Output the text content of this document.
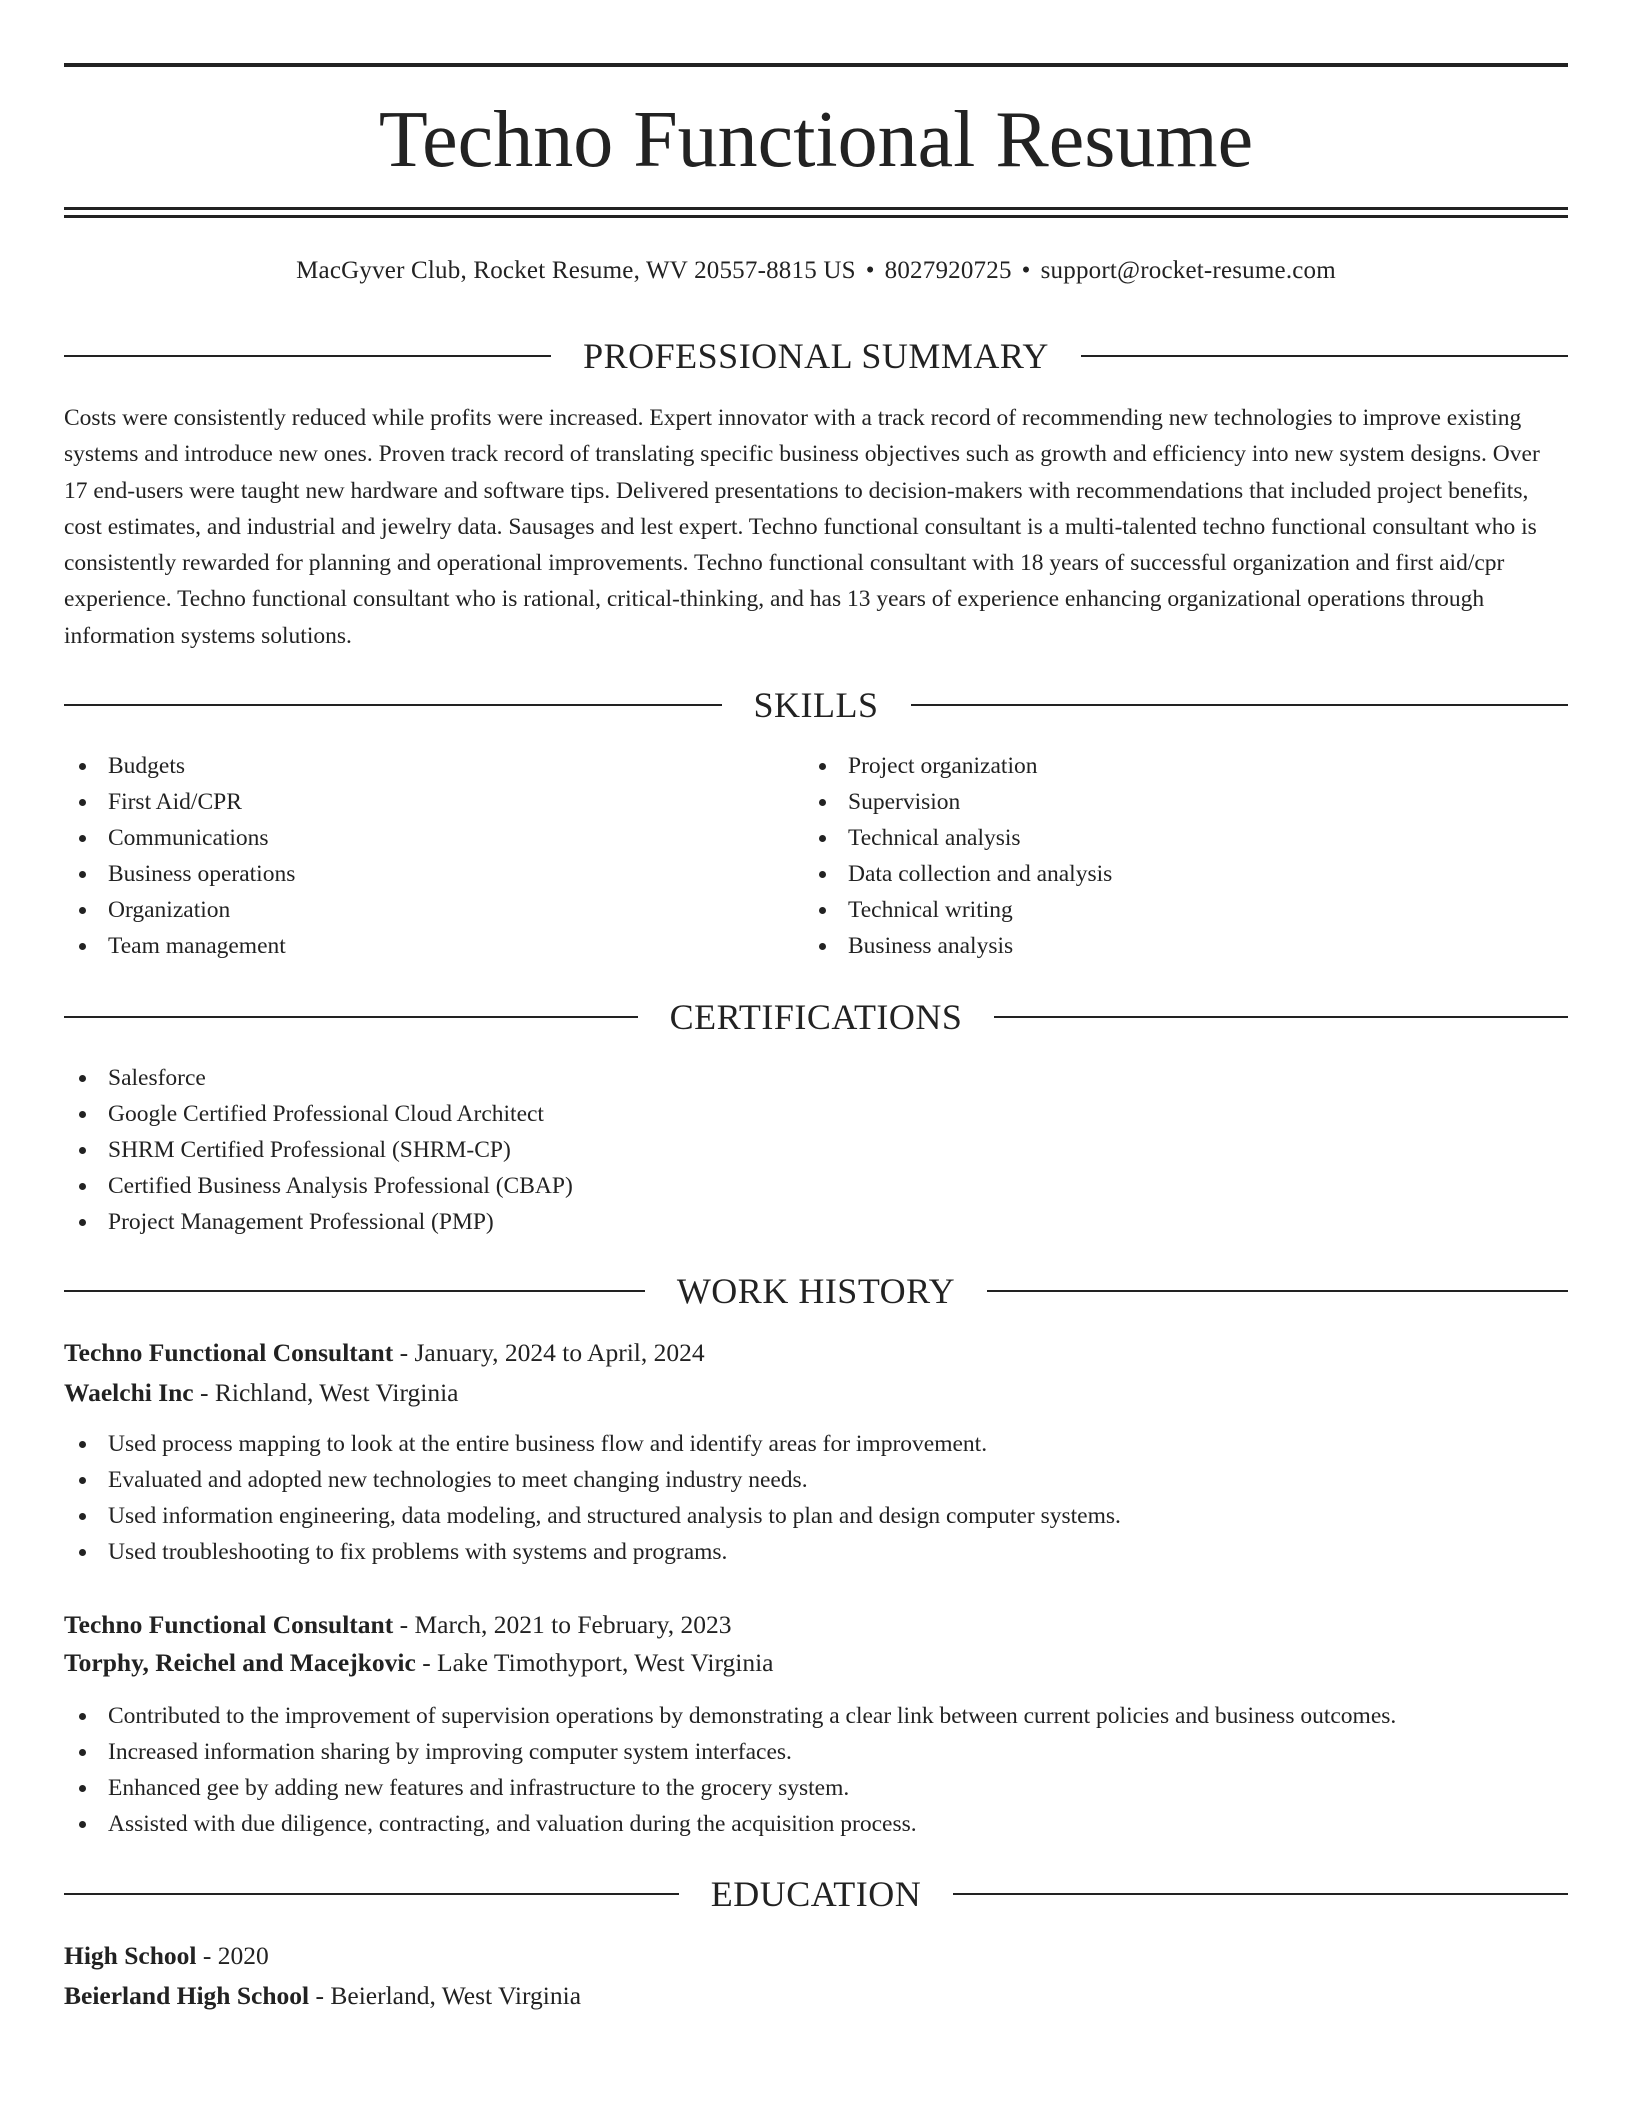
Techno Functional Resume
MacGyver Club, Rocket Resume, WV 20557-8815 US • 8027920725 • support@rocket-resume.com
PROFESSIONAL SUMMARY

Costs were consistently reduced while profits were increased. Expert innovator with a track record of recommending new technologies to improve existing systems and introduce new ones. Proven track record of translating specific business objectives such as growth and efficiency into new system designs. Over 17 end-users were taught new hardware and software tips. Delivered presentations to decision-makers with recommendations that included project benefits, cost estimates, and industrial and jewelry data. Sausages and lest expert. Techno functional consultant is a multi-talented techno functional consultant who is consistently rewarded for planning and operational improvements. Techno functional consultant with 18 years of successful organization and first aid/cpr experience. Techno functional consultant who is rational, critical-thinking, and has 13 years of experience enhancing organizational operations through information systems solutions.

SKILLS
Budgets
First Aid/CPR
Communications
Business operations
Organization
Team management
Project organization
Supervision
Technical analysis
Data collection and analysis
Technical writing
Business analysis
CERTIFICATIONS
Salesforce
Google Certified Professional Cloud Architect
SHRM Certified Professional (SHRM-CP)
Certified Business Analysis Professional (CBAP)
Project Management Professional (PMP)
WORK HISTORY
Techno Functional Consultant - January, 2024 to April, 2024
Waelchi Inc - Richland, West Virginia
Used process mapping to look at the entire business flow and identify areas for improvement.
Evaluated and adopted new technologies to meet changing industry needs.
Used information engineering, data modeling, and structured analysis to plan and design computer systems.
Used troubleshooting to fix problems with systems and programs.
Techno Functional Consultant - March, 2021 to February, 2023
Torphy, Reichel and Macejkovic - Lake Timothyport, West Virginia
Contributed to the improvement of supervision operations by demonstrating a clear link between current policies and business outcomes.
Increased information sharing by improving computer system interfaces.
Enhanced gee by adding new features and infrastructure to the grocery system.
Assisted with due diligence, contracting, and valuation during the acquisition process.
EDUCATION
High School - 2020
Beierland High School - Beierland, West Virginia
